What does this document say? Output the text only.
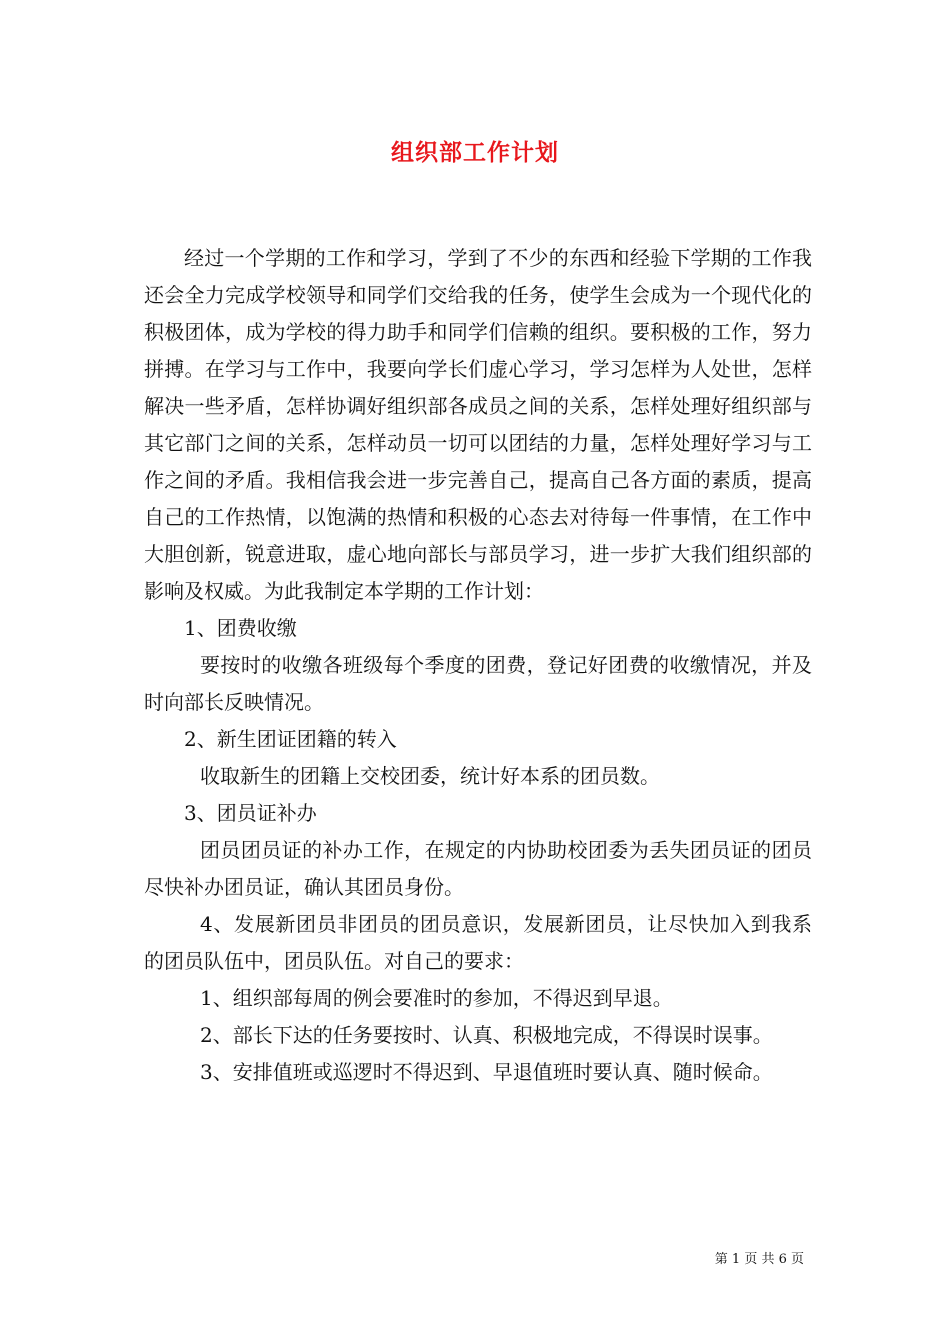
组织部工作计划

经过一个学期的工作和学习，学到了不少的东西和经验下学期的工作我还会全力完成学校领导和同学们交给我的任务，使学生会成为一个现代化的积极团体，成为学校的得力助手和同学们信赖的组织。要积极的工作，努力拼搏。在学习与工作中，我要向学长们虚心学习，学习怎样为人处世，怎样解决一些矛盾，怎样协调好组织部各成员之间的关系，怎样处理好组织部与其它部门之间的关系，怎样动员一切可以团结的力量，怎样处理好学习与工作之间的矛盾。我相信我会进一步完善自己，提高自己各方面的素质，提高自己的工作热情，以饱满的热情和积极的心态去对待每一件事情，在工作中大胆创新，锐意进取，虚心地向部长与部员学习，进一步扩大我们组织部的影响及权威。为此我制定本学期的工作计划：

1、团费收缴

要按时的收缴各班级每个季度的团费，登记好团费的收缴情况，并及时向部长反映情况。

2、新生团证团籍的转入

收取新生的团籍上交校团委，统计好本系的团员数。

3、团员证补办

团员团员证的补办工作，在规定的内协助校团委为丢失团员证的团员尽快补办团员证，确认其团员身份。

4、发展新团员非团员的团员意识，发展新团员，让尽快加入到我系的团员队伍中，团员队伍。对自己的要求：

1、组织部每周的例会要准时的参加，不得迟到早退。

2、部长下达的任务要按时、认真、积极地完成，不得误时误事。

3、安排值班或巡逻时不得迟到、早退值班时要认真、随时候命。

第 1 页 共 6 页
